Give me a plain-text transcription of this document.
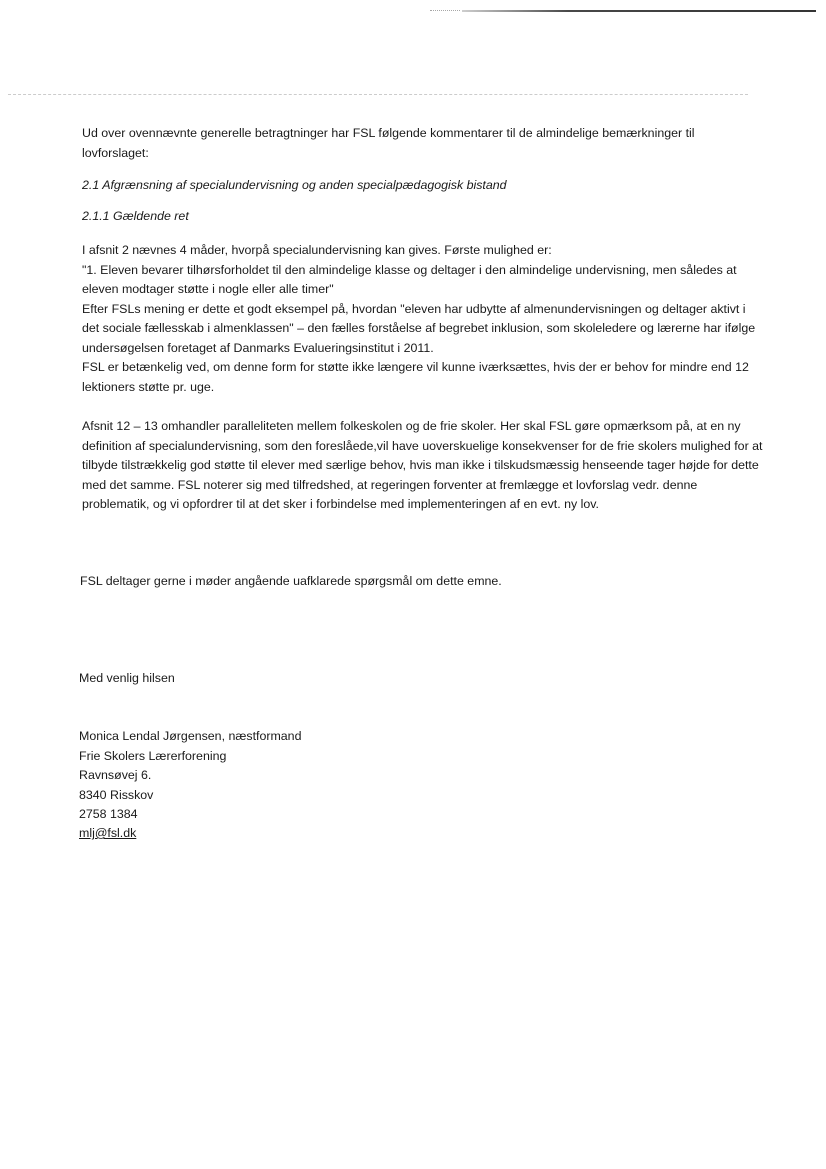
Ud over ovennævnte generelle betragtninger har FSL følgende kommentarer til de almindelige bemærkninger til lovforslaget:

2.1 Afgrænsning af specialundervisning og anden specialpædagogisk bistand

2.1.1 Gældende ret

I afsnit 2 nævnes 4 måder, hvorpå specialundervisning kan gives. Første mulighed er:
"1. Eleven bevarer tilhørsforholdet til den almindelige klasse og deltager i den almindelige undervisning, men således at eleven modtager støtte i nogle eller alle timer"
Efter FSLs mening er dette et godt eksempel på, hvordan "eleven har udbytte af almenundervisningen og deltager aktivt i det sociale fællesskab i almenklassen" – den fælles forståelse af begrebet inklusion, som skoleledere og lærerne har ifølge undersøgelsen foretaget af Danmarks Evalueringsinstitut i 2011.
FSL er betænkelig ved, om denne form for støtte ikke længere vil kunne iværksættes, hvis der er behov for mindre end 12 lektioners støtte pr. uge.

Afsnit 12 – 13 omhandler paralleliteten mellem folkeskolen og de frie skoler. Her skal FSL gøre opmærksom på, at en ny definition af specialundervisning, som den foreslåede,vil have uoverskuelige konsekvenser for de frie skolers mulighed for at tilbyde tilstrækkelig god støtte til elever med særlige behov, hvis man ikke i tilskudsmæssig henseende tager højde for dette med det samme. FSL noterer sig med tilfredshed, at regeringen forventer at fremlægge et lovforslag vedr. denne problematik, og vi opfordrer til at det sker i forbindelse med implementeringen af en evt. ny lov.

FSL deltager gerne i møder angående uafklarede spørgsmål om dette emne.

Med venlig hilsen

Monica Lendal Jørgensen, næstformand

Frie Skolers Lærerforening

Ravnsøvej 6.

8340 Risskov

2758 1384

mlj@fsl.dk
